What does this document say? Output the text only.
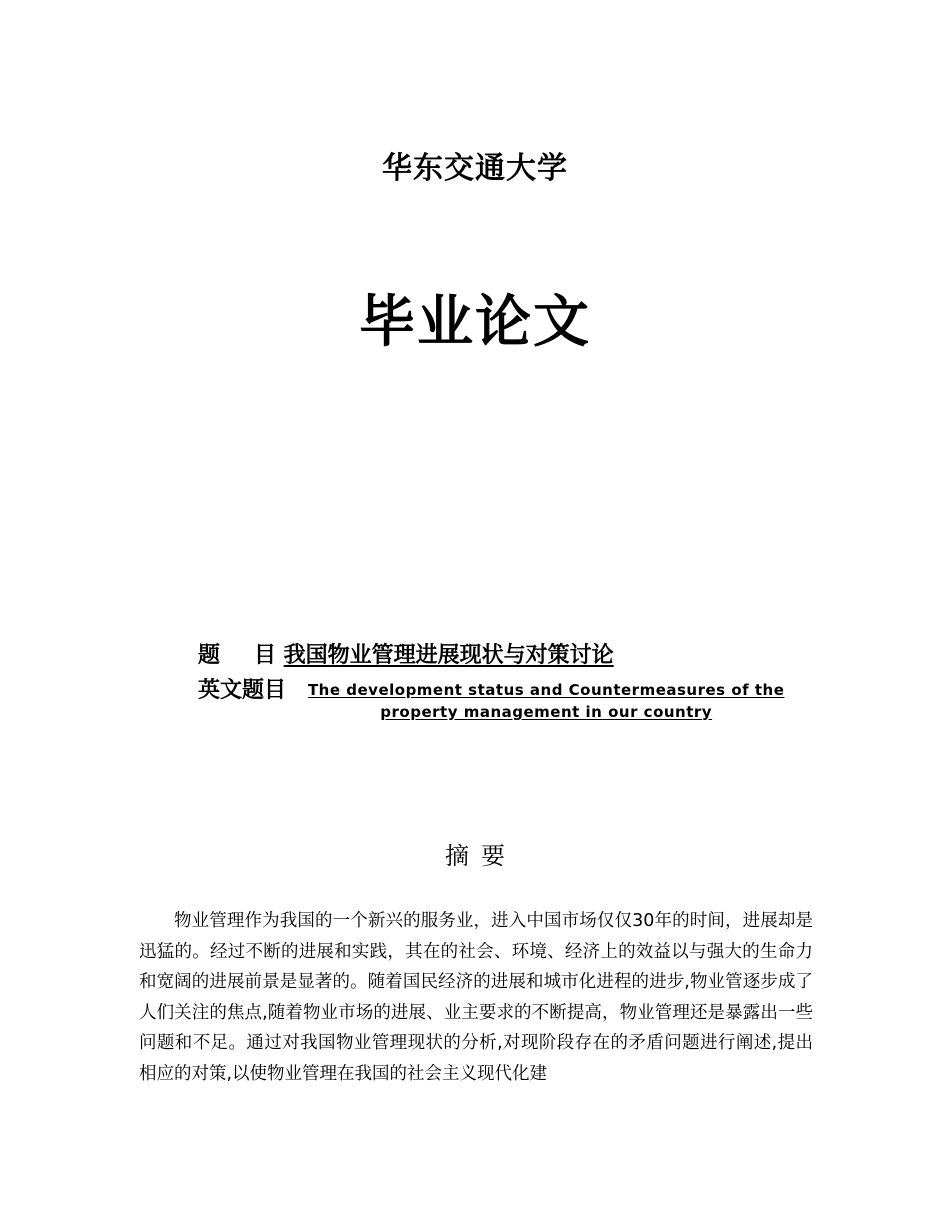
华东交通大学
毕业论文
题 目 我国物业管理进展现状与对策讨论
英文题目 The development status and Countermeasures of the property management in our country
摘要

物业管理作为我国的一个新兴的服务业，进入中国市场仅仅30年的时间，进展却是迅猛的。经过不断的进展和实践，其在的社会、环境、经济上的效益以与强大的生命力和宽阔的进展前景是显著的。随着国民经济的进展和城市化进程的进步,物业管逐步成了人们关注的焦点,随着物业市场的进展、业主要求的不断提高，物业管理还是暴露出一些问题和不足。通过对我国物业管理现状的分析,对现阶段存在的矛盾问题进行阐述,提出相应的对策,以使物业管理在我国的社会主义现代化建
